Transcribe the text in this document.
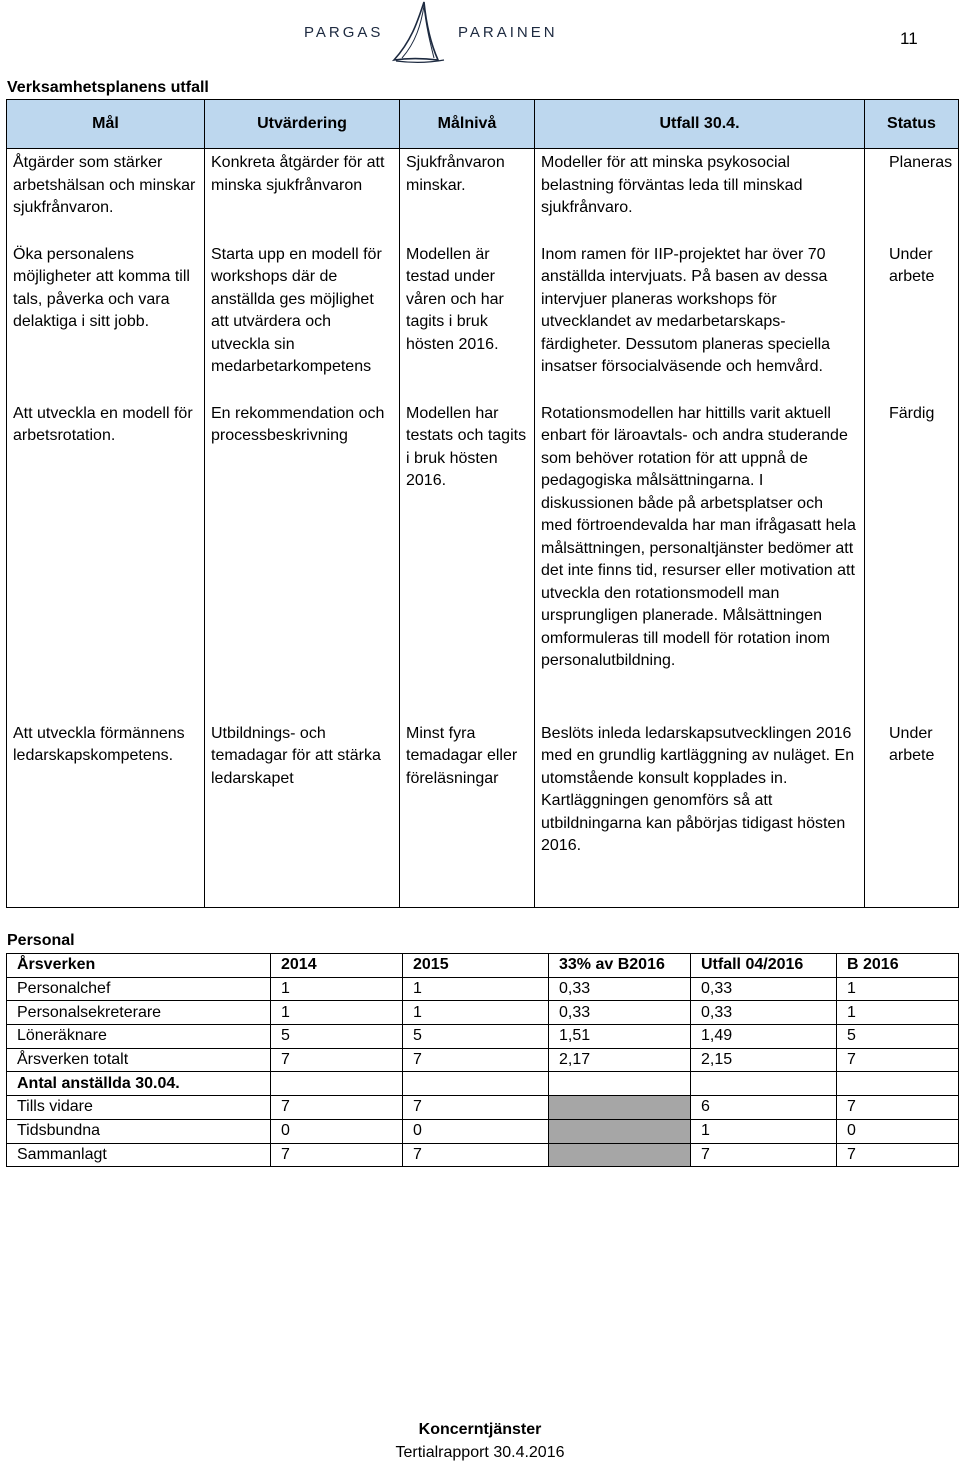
PARGAS	PARAINEN	11
Verksamhetsplanens utfall
Mål	Utvärdering	Målnivå	Utfall 30.4.	Status
Åtgärder som stärker arbetshälsan och minskar sjukfrånvaron.	Konkreta åtgärder för att minska sjukfrånvaron	Sjukfrånvaron minskar.	Modeller för att minska psykosocial belastning förväntas leda till minskad sjukfrånvaro.	Planeras
Öka personalens möjligheter att komma till tals, påverka och vara delaktiga i sitt jobb.	Starta upp en modell för workshops där de anställda ges möjlighet att utvärdera och utveckla sin medarbetarkompetens	Modellen är testad under våren och har tagits i bruk hösten 2016.	Inom ramen för IIP-projektet har över 70 anställda intervjuats. På basen av dessa intervjuer planeras workshops för utvecklandet av medarbetarskaps-färdigheter. Dessutom planeras speciella insatser försocialväsende och hemvård.	Under arbete
Att utveckla en modell för arbetsrotation.	En rekommendation och processbeskrivning	Modellen har testats och tagits i bruk hösten 2016.	Rotationsmodellen har hittills varit aktuell enbart för läroavtals- och andra studerande som behöver rotation för att uppnå de pedagogiska målsättningarna. I diskussionen både på arbetsplatser och med förtroendevalda har man ifrågasatt hela målsättningen, personaltjänster bedömer att det inte finns tid, resurser eller motivation att utveckla den rotationsmodell man ursprungligen planerade. Målsättningen omformuleras till modell för rotation inom personalutbildning.	Färdig
Att utveckla förmännens ledarskapskompetens.	Utbildnings- och temadagar för att stärka ledarskapet	Minst fyra temadagar eller föreläsningar	Beslöts inleda ledarskapsutvecklingen 2016 med en grundlig kartläggning av nuläget. En utomstående konsult kopplades in. Kartläggningen genomförs så att utbildningarna kan påbörjas tidigast hösten 2016.	Under arbete
Personal
Årsverken	2014	2015	33% av B2016	Utfall 04/2016	B 2016
Personalchef	1	1	0,33	0,33	1
Personalsekreterare	1	1	0,33	0,33	1
Löneräknare	5	5	1,51	1,49	5
Årsverken totalt	7	7	2,17	2,15	7
Antal anställda 30.04.					
Tills vidare	7	7		6	7
Tidsbundna	0	0		1	0
Sammanlagt	7	7		7	7
Koncerntjänster
Tertialrapport 30.4.2016
